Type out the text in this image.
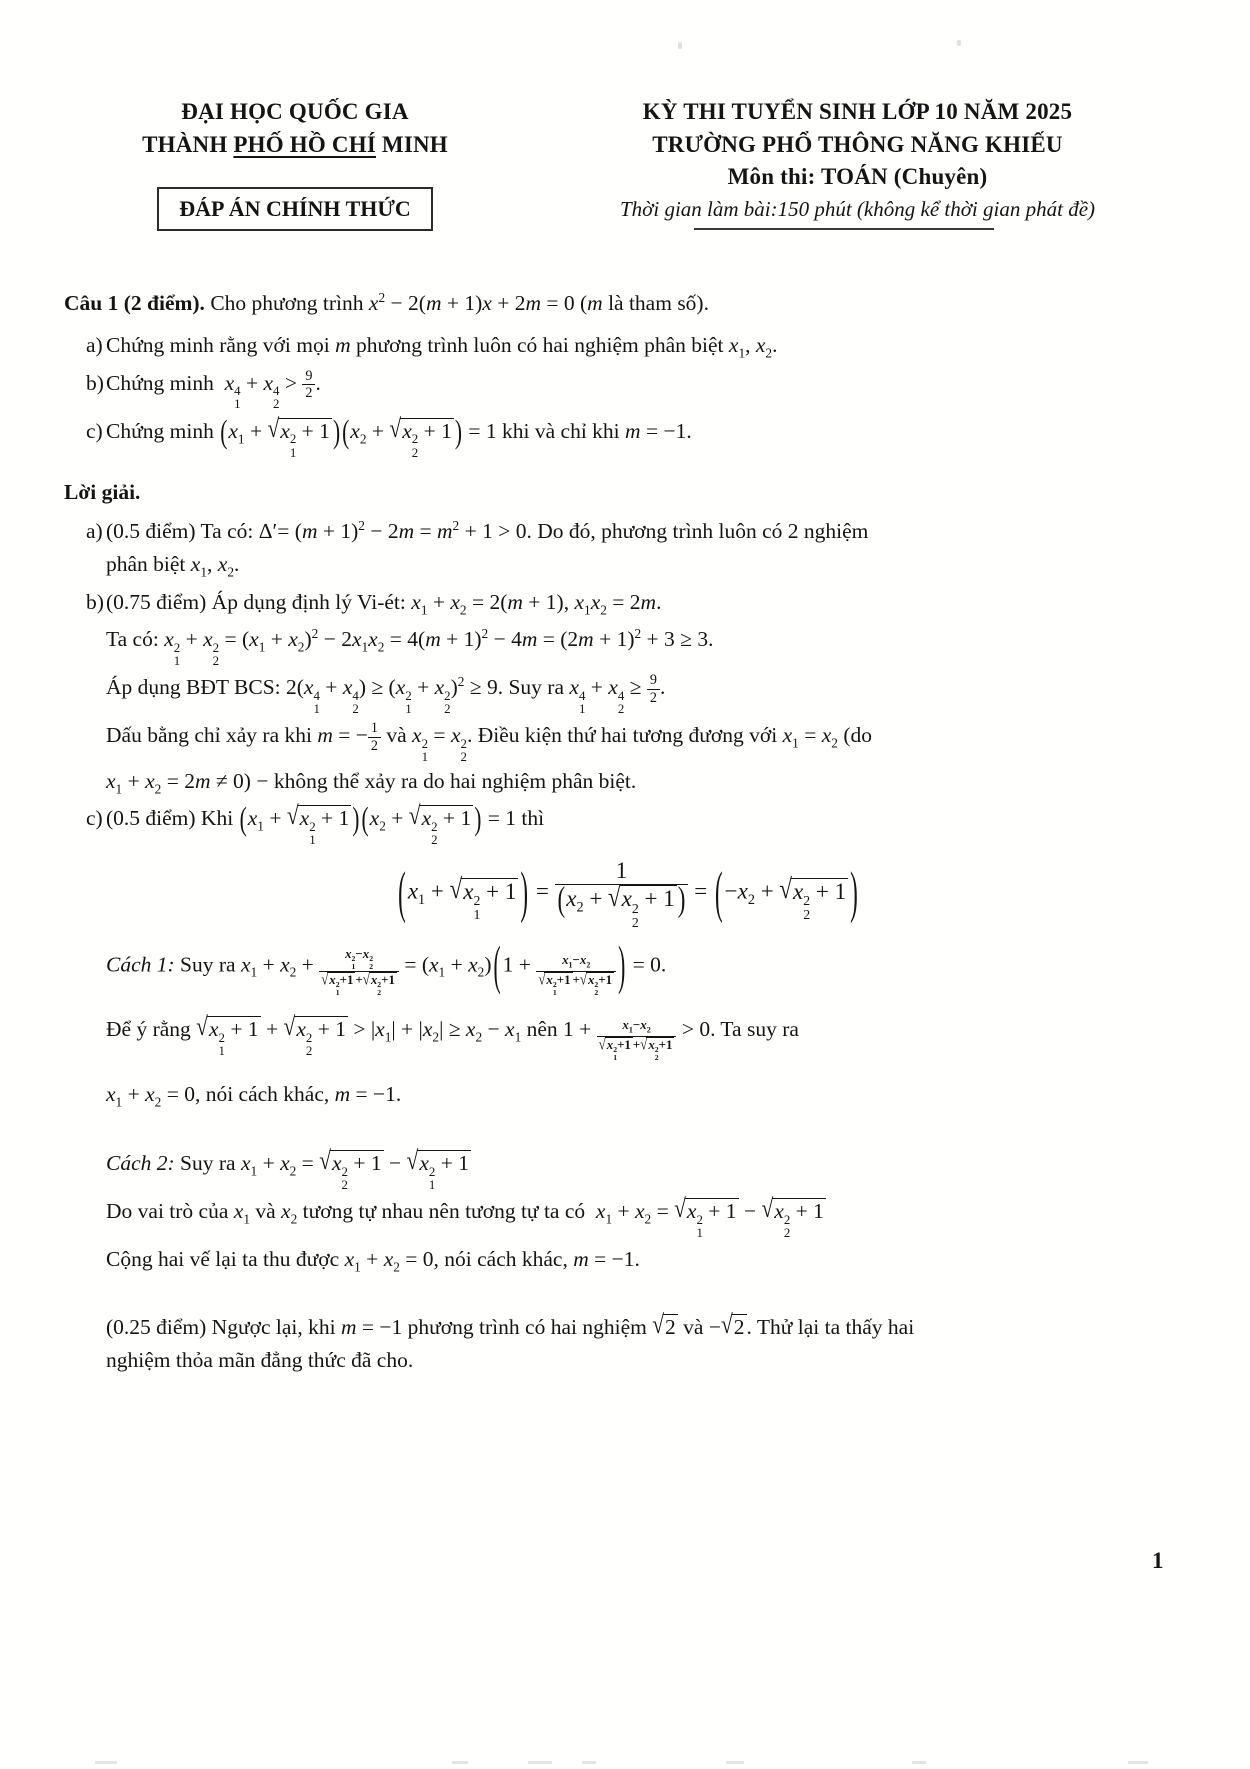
ĐẠI HỌC QUỐC GIA
THÀNH PHỐ HỒ CHÍ MINH
ĐÁP ÁN CHÍNH THỨC
KỲ THI TUYỂN SINH LỚP 10 NĂM 2025
TRƯỜNG PHỔ THÔNG NĂNG KHIẾU
Môn thi: TOÁN (Chuyên)
Thời gian làm bài:150 phút (không kể thời gian phát đề)

Câu 1 (2 điểm). Cho phương trình $x^2 - 2(m + 1)x + 2m = 0$ (m là tham số).

a) Chứng minh rằng với mọi m phương trình luôn có hai nghiệm phân biệt $x_1$, $x_2$.
b) Chứng minh  x 4
1
+ x 4
2
> $\frac{9}{2}$ .
c) Chứng minh ($x_1$ + √ x 2
1
+ 1 )($x_2$ + √ x 2
2
+ 1 ) = 1 khi và chỉ khi m = −1.

Lời giải.

a) (0.5 điểm) Ta có: $\Delta'= (m + 1)^2 - 2m = m^2 + 1 > 0$. Do đó, phương trình luôn có 2 nghiệm
phân biệt $x_1$, $x_2$.
b) (0.75 điểm) Áp dụng định lý Vi-ét: $x_1 + x_2 = 2(m + 1)$, $x_1x_2 = 2m$.

Ta có: x 2
1
+ x 2
2
= $(x_1 + x_2)^2 - 2x_1x_2 = 4(m + 1)^2 - 4m = (2m + 1)^2 + 3 \ge 3$.

Áp dụng BĐT BCS: 2(x 4
1
+ x 4
2
) ≥ (x 2
1
+ x 2
2
)$^2$ ≥ 9. Suy ra x 4
1
+ x 4
2
≥ $\frac{9}{2}$ .

Dấu bằng chỉ xảy ra khi m = − $\frac{1}{2}$ và x 2
1
= x 2
2
. Điều kiện thứ hai tương đương với $x_1 = x_2$ (do
$x_1 + x_2 = 2m \ne 0$) − không thể xảy ra do hai nghiệm phân biệt.

c) (0.5 điểm) Khi ($x_1$ + √ x 2
1
+ 1 )($x_2$ + √ x 2
2
+ 1 ) = 1 thì
($x_1$ + √ x 2
1
+ 1 ) = 1
($x_2$ + √ x 2
2
+ 1 ) = ($-x_2$ + √ x 2
2
+ 1 )

Cách 1: Suy ra $x_1 + x_2 + x$ 2
1
−x 2
2
√ x 2
1
+1 + √ x 2
2
$+1 = (x_1 + x_2)(1 + x_1-x_2$
√ x 2
1
+1 + √ x 2
2
+1 ) = 0.

Để ý rằng √ x 2
1
+ 1 + √ x 2
2
+ $1 > |x_1| + |x_2| \ge x_2 - x_1$ nên $1 + x_1-x_2$
√ x 2
1
+1 + √ x 2
2
+1 > 0. Ta suy ra

$x_1 + x_2 = 0$, nói cách khác, m = −1.

Cách 2: Suy ra $x_1 + x_2$ = √ x 2
2
+ 1 − √ x 2
1
+ 1

Do vai trò của $x_1$ và $x_2$ tương tự nhau nên tương tự ta có  $x_1 + x_2$ = √ x 2
1
+ 1 − √ x 2
2
+ 1

Cộng hai vế lại ta thu được $x_1 + x_2 = 0$, nói cách khác, m = −1.

(0.25 điểm) Ngược lại, khi m = −1 phương trình có hai nghiệm √ 2 và − √ 2. Thử lại ta thấy hai
nghiệm thỏa mãn đẳng thức đã cho.

1
